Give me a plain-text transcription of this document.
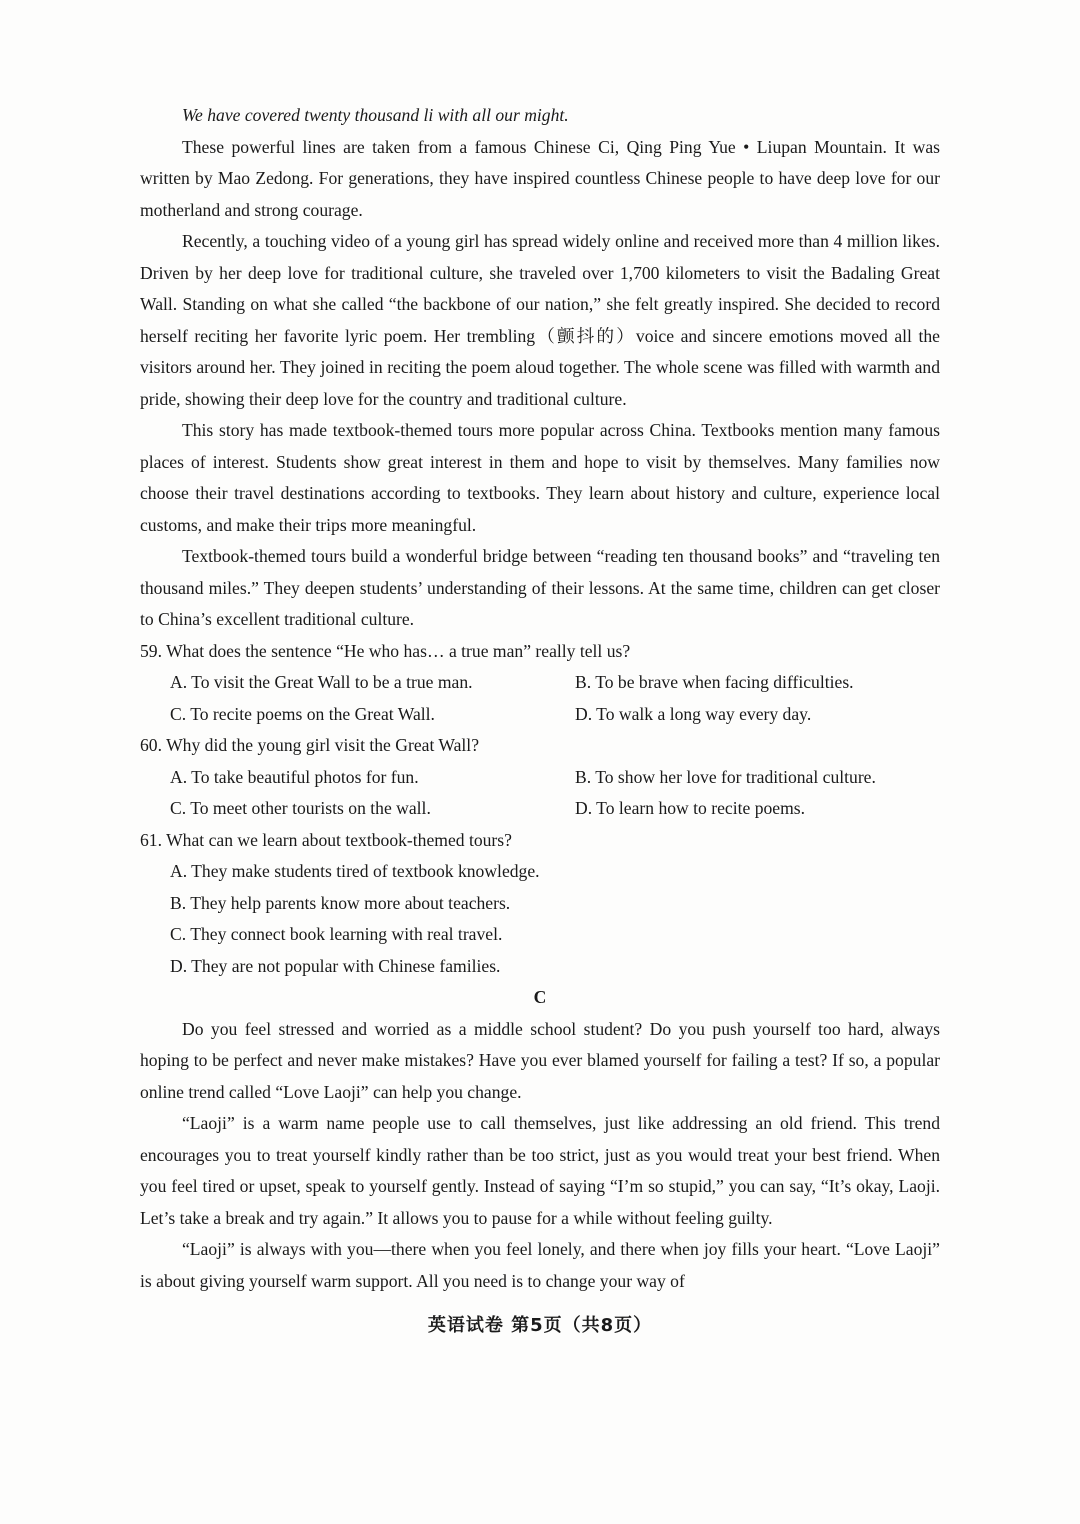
We have covered twenty thousand li with all our might.

These powerful lines are taken from a famous Chinese Ci, Qing Ping Yue • Liupan Mountain. It was written by Mao Zedong. For generations, they have inspired countless Chinese people to have deep love for our motherland and strong courage.

Recently, a touching video of a young girl has spread widely online and received more than 4 million likes. Driven by her deep love for traditional culture, she traveled over 1,700 kilometers to visit the Badaling Great Wall. Standing on what she called “the backbone of our nation,” she felt greatly inspired. She decided to record herself reciting her favorite lyric poem. Her trembling（颤抖的）voice and sincere emotions moved all the visitors around her. They joined in reciting the poem aloud together. The whole scene was filled with warmth and pride, showing their deep love for the country and traditional culture.

This story has made textbook-themed tours more popular across China. Textbooks mention many famous places of interest. Students show great interest in them and hope to visit by themselves. Many families now choose their travel destinations according to textbooks. They learn about history and culture, experience local customs, and make their trips more meaningful.

Textbook-themed tours build a wonderful bridge between “reading ten thousand books” and “traveling ten thousand miles.” They deepen students’ understanding of their lessons. At the same time, children can get closer to China’s excellent traditional culture.

59. What does the sentence “He who has… a true man” really tell us?

A. To visit the Great Wall to be a true man.	B. To be brave when facing difficulties.
C. To recite poems on the Great Wall.	D. To walk a long way every day.

60. Why did the young girl visit the Great Wall?

A. To take beautiful photos for fun.	B. To show her love for traditional culture.
C. To meet other tourists on the wall.	D. To learn how to recite poems.

61. What can we learn about textbook-themed tours?

A. They make students tired of textbook knowledge.
B. They help parents know more about teachers.
C. They connect book learning with real travel.
D. They are not popular with Chinese families.

C

Do you feel stressed and worried as a middle school student? Do you push yourself too hard, always hoping to be perfect and never make mistakes? Have you ever blamed yourself for failing a test? If so, a popular online trend called “Love Laoji” can help you change.

“Laoji” is a warm name people use to call themselves, just like addressing an old friend. This trend encourages you to treat yourself kindly rather than be too strict, just as you would treat your best friend. When you feel tired or upset, speak to yourself gently. Instead of saying “I’m so stupid,” you can say, “It’s okay, Laoji. Let’s take a break and try again.” It allows you to pause for a while without feeling guilty.

“Laoji” is always with you—there when you feel lonely, and there when joy fills your heart. “Love Laoji” is about giving yourself warm support. All you need is to change your way of

英语试卷 第5页（共8页）
